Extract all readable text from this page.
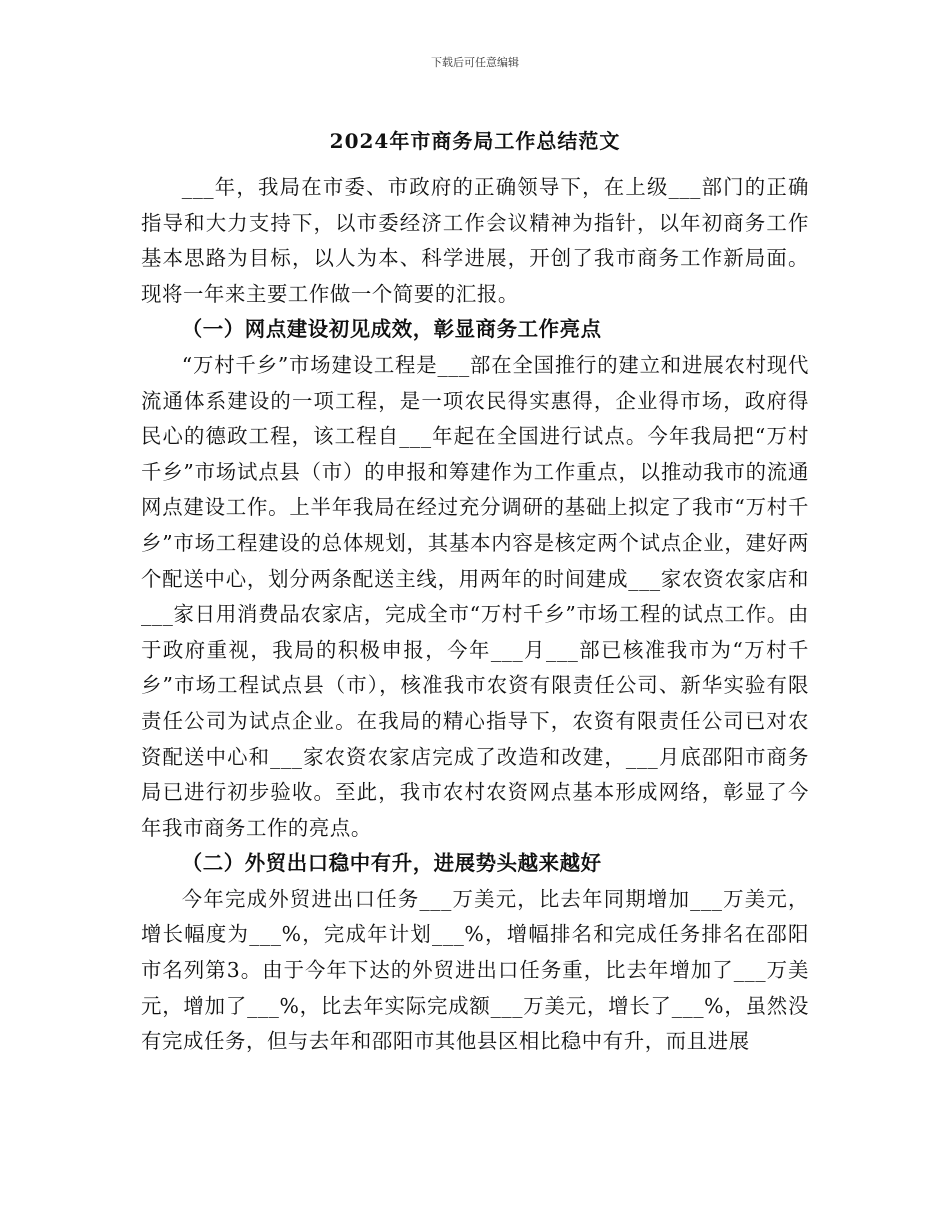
下载后可任意编辑
2024年市商务局工作总结范文

___年，我局在市委、市政府的正确领导下，在上级___部门的正确指导和大力支持下，以市委经济工作会议精神为指针，以年初商务工作基本思路为目标，以人为本、科学进展，开创了我市商务工作新局面。现将一年来主要工作做一个简要的汇报。

（一）网点建设初见成效，彰显商务工作亮点

“万村千乡”市场建设工程是___部在全国推行的建立和进展农村现代流通体系建设的一项工程，是一项农民得实惠得，企业得市场，政府得民心的德政工程，该工程自___年起在全国进行试点。今年我局把“万村千乡”市场试点县（市）的申报和筹建作为工作重点，以推动我市的流通网点建设工作。上半年我局在经过充分调研的基础上拟定了我市“万村千乡”市场工程建设的总体规划，其基本内容是核定两个试点企业，建好两个配送中心，划分两条配送主线，用两年的时间建成___家农资农家店和___家日用消费品农家店，完成全市“万村千乡”市场工程的试点工作。由于政府重视，我局的积极申报，今年___月___部已核准我市为“万村千乡”市场工程试点县（市），核准我市农资有限责任公司、新华实验有限责任公司为试点企业。在我局的精心指导下，农资有限责任公司已对农资配送中心和___家农资农家店完成了改造和改建，___月底邵阳市商务局已进行初步验收。至此，我市农村农资网点基本形成网络，彰显了今年我市商务工作的亮点。

（二）外贸出口稳中有升，进展势头越来越好

今年完成外贸进出口任务___万美元，比去年同期增加___万美元，增长幅度为___%，完成年计划___%，增幅排名和完成任务排名在邵阳市名列第3。由于今年下达的外贸进出口任务重，比去年增加了___万美元，增加了___%，比去年实际完成额___万美元，增长了___%，虽然没有完成任务，但与去年和邵阳市其他县区相比稳中有升，而且进展
